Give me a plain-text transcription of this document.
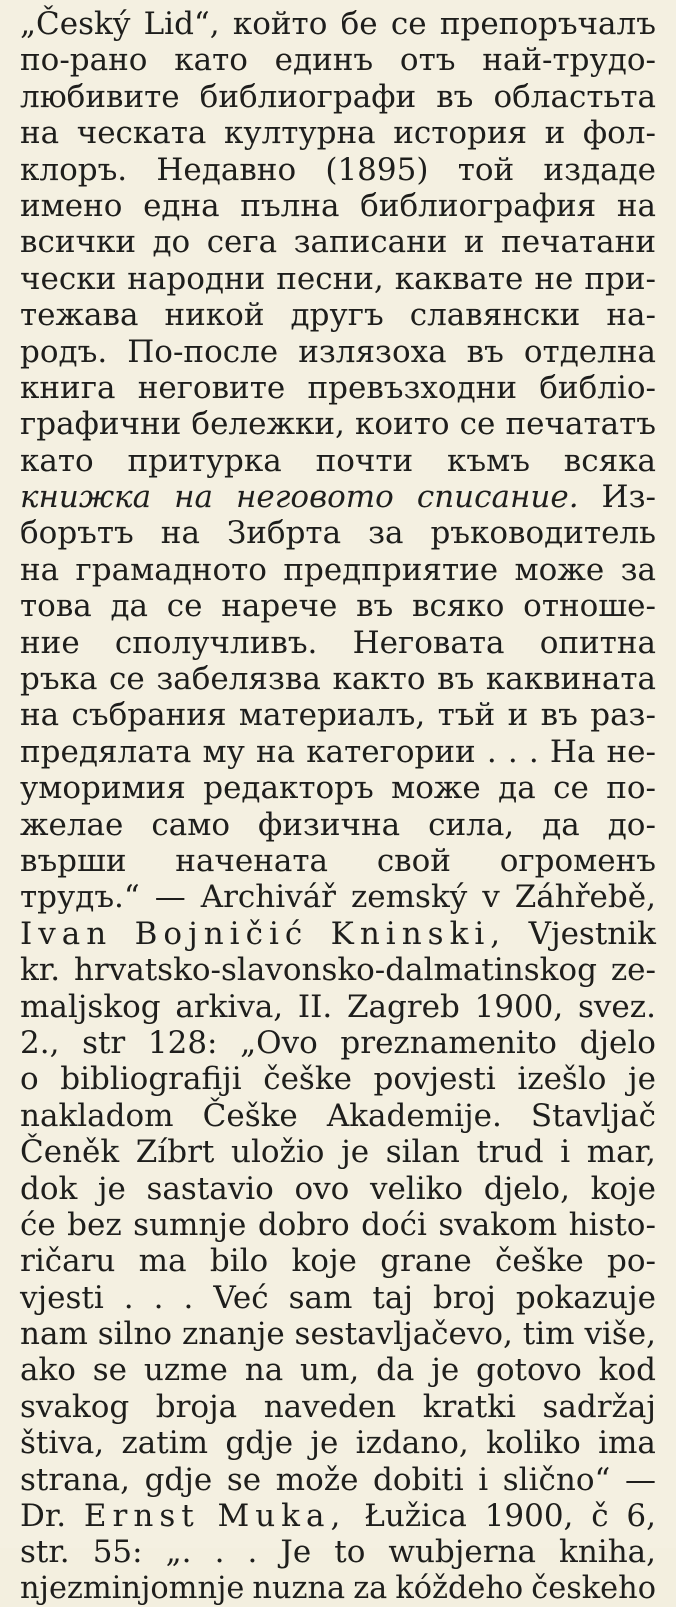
„Český Lid“, който бе се препоръчалъ
по-рано като единъ отъ най-трудо-
любивите библиографи въ областьта
на ческата културна история и фол-
клоръ. Недавно (1895) той издаде
имено една пълна библиография на
всички до сега записани и печатани
чески народни песни, каквате не при-
тежава никой другъ славянски на-
родъ. По-после излязоха въ отделна
книга неговите превъзходни библіо-
графични бележки, които се печататъ
като притурка почти къмъ всяка
книжка на неговото списание. Из-
борътъ на Зибрта за ръководитель
на грамадното предприятие може за
това да се нарече въ всяко отноше-
ние сполучливъ. Неговата опитна
ръка се забелязва както въ каквината
на събрания материалъ, тъй и въ раз-
предялата му на категории . . . На не-
уморимия редакторъ може да се по-
желае само физична сила, да до-
върши начената свой огроменъ
трудъ.“ — Archivář zemský v Záhřebě,
Ivan Bojničić Kninski, Vjestnik
kr. hrvatsko-slavonsko-dalmatinskog ze-
maljskog arkiva, II. Zagreb 1900, svez.
2., str 128: „Ovo preznamenito djelo
o bibliografiji češke povjesti izešlo je
nakladom Češke Akademije. Stavljač
Čeněk Zíbrt uložio je silan trud i mar,
dok je sastavio ovo veliko djelo, koje
će bez sumnje dobro doći svakom histo-
ričaru ma bilo koje grane češke po-
vjesti . . . Već sam taj broj pokazuje
nam silno znanje sestavljačevo, tim više,
ako se uzme na um, da je gotovo kod
svakog broja naveden kratki sadržaj
štiva, zatim gdje je izdano, koliko ima
strana, gdje se može dobiti i slično“ —
Dr. Ernst Muka, Łužica 1900, č 6,
str. 55: „. . . Je to wubjerna kniha,
njezminjomnje nuzna za kóždeho českeho
